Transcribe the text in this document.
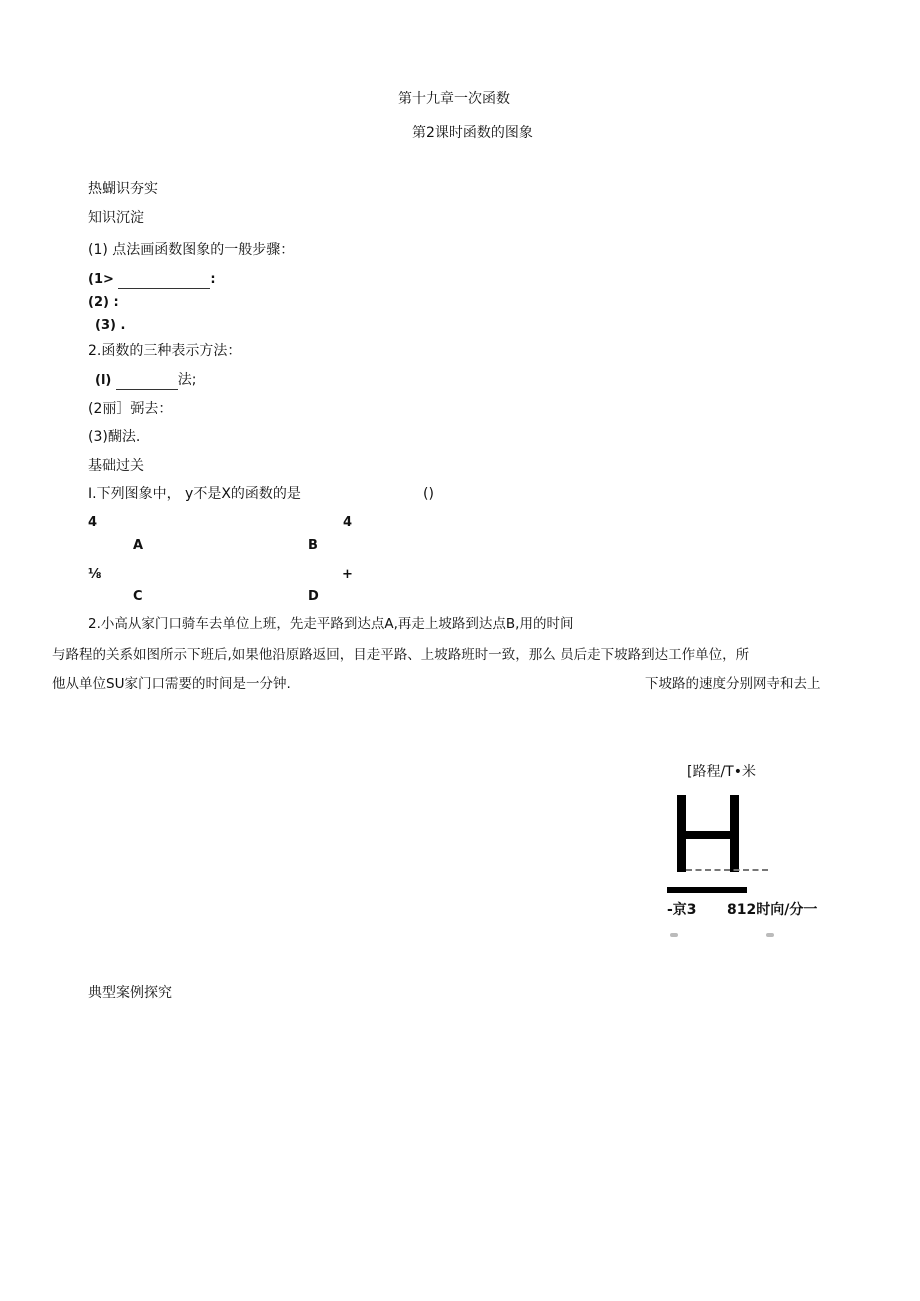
第十九章一次函数
第2课时函数的图象
热蝴识夯实
知识沉淀
(1) 点法画函数图象的一般步骤：
(1>	:
(2) :
(3) .
2.函数的三种表示方法：
(l)	法;
(2丽］弼去：
(3)醐法.
基础过关
I.下列图象中， y不是X的函数的是	()
4	4
A	B
⅛	+
C	D
2.小高从家门口骑车去单位上班，先走平路到达点A,再走上坡路到达点B,用的时间
与路程的关系如图所示下班后,如果他沿原路返回，目走平路、上坡路班时一致，那么 员后走下坡路到达工作单位，所
他从单位SU家门口需要的时间是一分钟.	下坡路的速度分别网寺和去上
[路程/T•米
-京3 812时向/分一
典型案例探究
